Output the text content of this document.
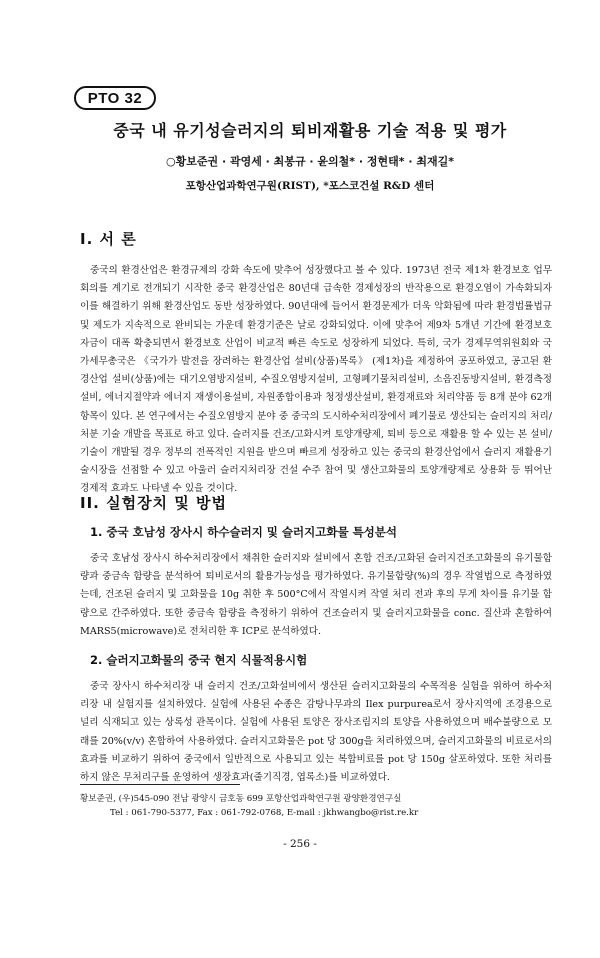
PTO 32
중국 내 유기성슬러지의 퇴비재활용 기술 적용 및 평가
○황보준권 · 곽영세 · 최봉규 · 윤의철* · 정현태* · 최재길*
포항산업과학연구원(RIST), *포스코건설 R&D 센터
I. 서 론

중국의 환경산업은 환경규제의 강화 속도에 맞추어 성장했다고 볼 수 있다. 1973년 전국 제1차 환경보호 업무회의를 계기로 전개되기 시작한 중국 환경산업은 80년대 급속한 경제성장의 반작용으로 환경오염이 가속화되자 이를 해결하기 위해 환경산업도 동반 성장하였다. 90년대에 들어서 환경문제가 더욱 악화됨에 따라 환경법률법규 및 제도가 지속적으로 완비되는 가운데 환경기준은 날로 강화되었다. 이에 맞추어 제9차 5개년 기간에 환경보호 자금이 대폭 확충되면서 환경보호 산업이 비교적 빠른 속도로 성장하게 되었다. 특히, 국가 경제무역위원회와 국가세무총국은 《국가가 발전을 장려하는 환경산업 설비(상품)목록》 (제1차)을 제정하여 공포하였고, 공고된 환경산업 설비(상품)에는 대기오염방지설비, 수질오염방지설비, 고형폐기물처리설비, 소음진동방지설비, 환경측정설비, 에너지절약과 에너지 재생이용설비, 자원종합이용과 청정생산설비, 환경재료와 처리약품 등 8개 분야 62개 항목이 있다. 본 연구에서는 수질오염방지 분야 중 중국의 도시하수처리장에서 폐기물로 생산되는 슬러지의 처리/처분 기술 개발을 목표로 하고 있다. 슬러지를 건조/고화시켜 토양개량제, 퇴비 등으로 재활용 할 수 있는 본 설비/기술이 개발될 경우 정부의 전폭적인 지원을 받으며 빠르게 성장하고 있는 중국의 환경산업에서 슬러지 재활용기술시장을 선점할 수 있고 아울러 슬러지처리장 건설 수주 참여 및 생산고화물의 토양개량제로 상용화 등 뛰어난 경제적 효과도 나타낼 수 있을 것이다.

II. 실험장치 및 방법
1. 중국 호남성 장사시 하수슬러지 및 슬러지고화물 특성분석

중국 호남성 장사시 하수처리장에서 채취한 슬러지와 설비에서 혼합 건조/고화된 슬러지건조고화물의 유기물함량과 중금속 함량을 분석하여 퇴비로서의 활용가능성을 평가하였다. 유기물함량(%)의 경우 작열법으로 측정하였는데, 건조된 슬러지 및 고화물을 10g 취한 후 500°C에서 작열시켜 작열 처리 전과 후의 무게 차이를 유기물 함량으로 간주하였다. 또한 중금속 함량을 측정하기 위하여 건조슬러지 및 슬러지고화물을 conc. 질산과 혼합하여 MARS5(microwave)로 전처리한 후 ICP로 분석하였다.

2. 슬러지고화물의 중국 현지 식물적용시험

중국 장사시 하수처리장 내 슬러지 건조/고화설비에서 생산된 슬러지고화물의 수목적용 실험을 위하여 하수처리장 내 실험지를 설치하였다. 실험에 사용된 수종은 감탕나무과의 Ilex purpurea로서 장사지역에 조경용으로 널리 식재되고 있는 상록성 관목이다. 실험에 사용된 토양은 장사조림지의 토양을 사용하였으며 배수불량으로 모래를 20%(v/v) 혼합하여 사용하였다. 슬러지고화물은 pot 당 300g을 처리하였으며, 슬러지고화물의 비료로서의 효과를 비교하기 위하여 중국에서 일반적으로 사용되고 있는 복합비료를 pot 당 150g 살포하였다. 또한 처리를 하지 않은 무처리구를 운영하여 생장효과(줄기직경, 엽록소)를 비교하였다.

황보준권, (우)545-090 전남 광양시 금호동 699 포항산업과학연구원 광양환경연구실
Tel : 061-790-5377, Fax : 061-792-0768, E-mail : jkhwangbo@rist.re.kr
- 256 -
